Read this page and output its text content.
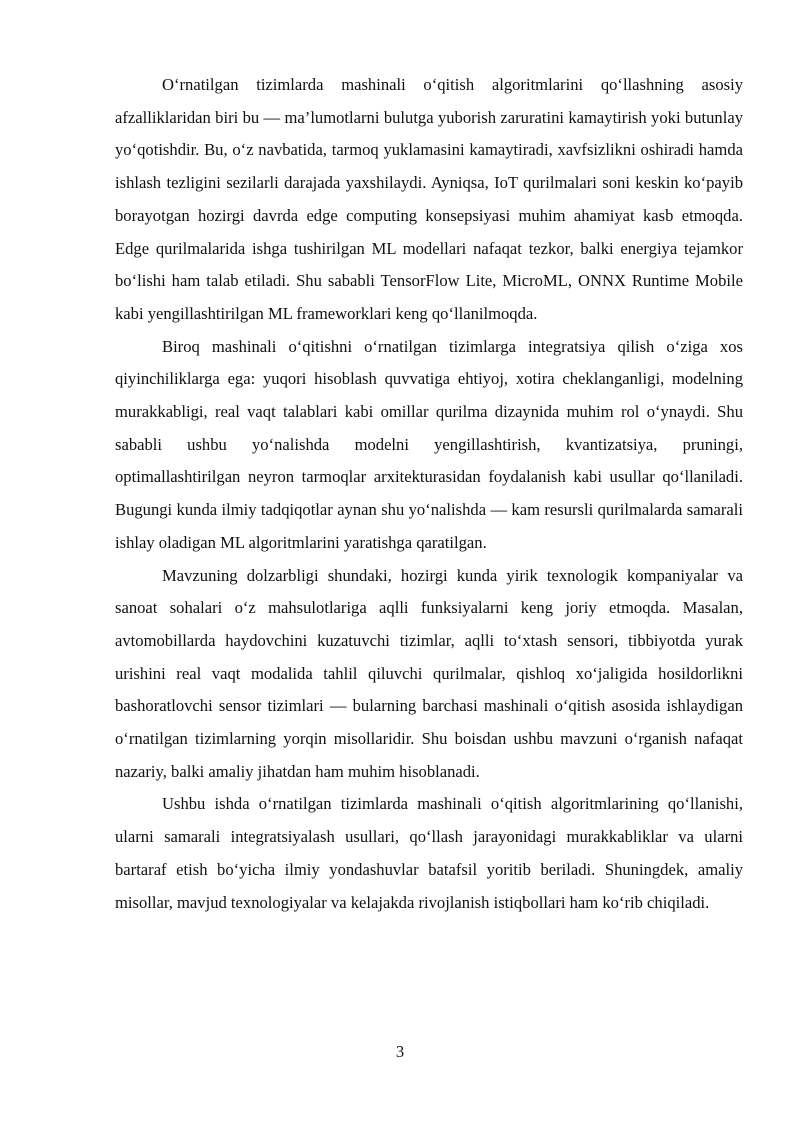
O‘rnatilgan tizimlarda mashinali o‘qitish algoritmlarini qo‘llashning asosiy afzalliklaridan biri bu — ma’lumotlarni bulutga yuborish zaruratini kamaytirish yoki butunlay yo‘qotishdir. Bu, o‘z navbatida, tarmoq yuklamasini kamaytiradi, xavfsizlikni oshiradi hamda ishlash tezligini sezilarli darajada yaxshilaydi. Ayniqsa, IoT qurilmalari soni keskin ko‘payib borayotgan hozirgi davrda edge computing konsepsiyasi muhim ahamiyat kasb etmoqda. Edge qurilmalarida ishga tushirilgan ML modellari nafaqat tezkor, balki energiya tejamkor bo‘lishi ham talab etiladi. Shu sababli TensorFlow Lite, MicroML, ONNX Runtime Mobile kabi yengillashtirilgan ML frameworklari keng qo‘llanilmoqda.

Biroq mashinali o‘qitishni o‘rnatilgan tizimlarga integratsiya qilish o‘ziga xos qiyinchiliklarga ega: yuqori hisoblash quvvatiga ehtiyoj, xotira cheklanganligi, modelning murakkabligi, real vaqt talablari kabi omillar qurilma dizaynida muhim rol o‘ynaydi. Shu sababli ushbu yo‘nalishda modelni yengillashtirish, kvantizatsiya, pruningi, optimallashtirilgan neyron tarmoqlar arxitekturasidan foydalanish kabi usullar qo‘llaniladi. Bugungi kunda ilmiy tadqiqotlar aynan shu yo‘nalishda — kam resursli qurilmalarda samarali ishlay oladigan ML algoritmlarini yaratishga qaratilgan.

Mavzuning dolzarbligi shundaki, hozirgi kunda yirik texnologik kompaniyalar va sanoat sohalari o‘z mahsulotlariga aqlli funksiyalarni keng joriy etmoqda. Masalan, avtomobillarda haydovchini kuzatuvchi tizimlar, aqlli to‘xtash sensori, tibbiyotda yurak urishini real vaqt modalida tahlil qiluvchi qurilmalar, qishloq xo‘jaligida hosildorlikni bashoratlovchi sensor tizimlari — bularning barchasi mashinali o‘qitish asosida ishlaydigan o‘rnatilgan tizimlarning yorqin misollaridir. Shu boisdan ushbu mavzuni o‘rganish nafaqat nazariy, balki amaliy jihatdan ham muhim hisoblanadi.

Ushbu ishda o‘rnatilgan tizimlarda mashinali o‘qitish algoritmlarining qo‘llanishi, ularni samarali integratsiyalash usullari, qo‘llash jarayonidagi murakkabliklar va ularni bartaraf etish bo‘yicha ilmiy yondashuvlar batafsil yoritib beriladi. Shuningdek, amaliy misollar, mavjud texnologiyalar va kelajakda rivojlanish istiqbollari ham ko‘rib chiqiladi.

3
